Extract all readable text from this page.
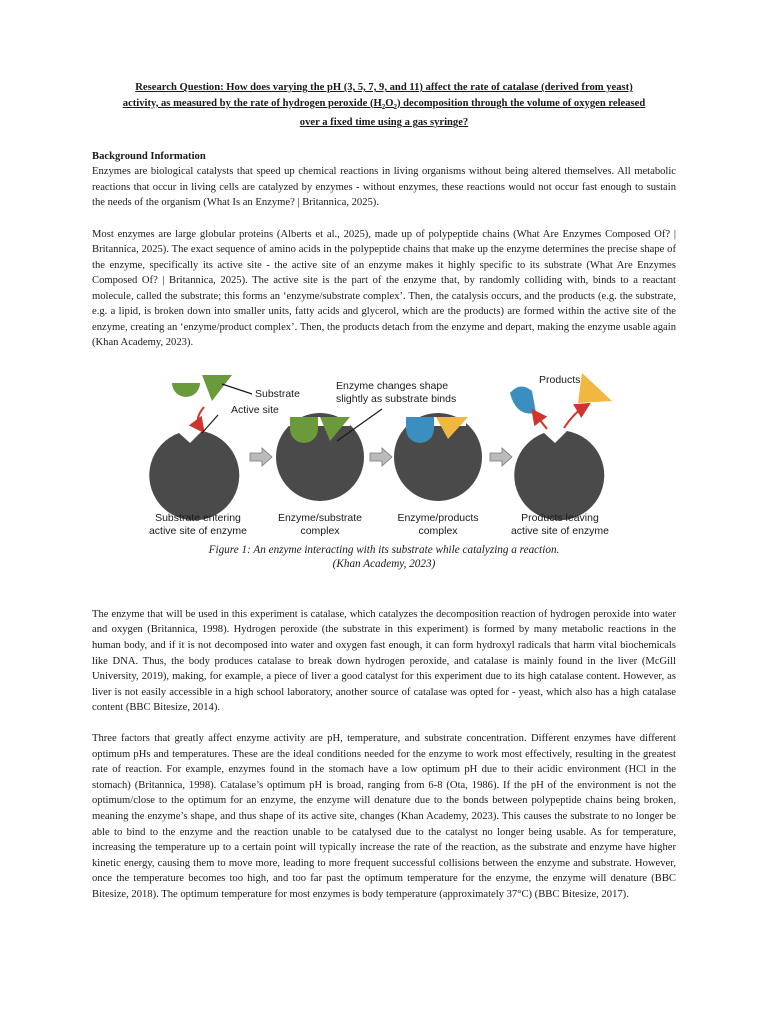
Research Question: How does varying the pH (3, 5, 7, 9, and 11) affect the rate of catalase (derived from yeast)

activity, as measured by the rate of hydrogen peroxide $(H_2O_2)$ decomposition through the volume of oxygen released

over a fixed time using a gas syringe?

Background Information

Enzymes are biological catalysts that speed up chemical reactions in living organisms without being altered themselves. All metabolic reactions that occur in living cells are catalyzed by enzymes - without enzymes, these reactions would not occur fast enough to sustain the needs of the organism (What Is an Enzyme? | Britannica, 2025).

Most enzymes are large globular proteins (Alberts et al., 2025), made up of polypeptide chains (What Are Enzymes Composed Of? | Britannica, 2025). The exact sequence of amino acids in the polypeptide chains that make up the enzyme determines the precise shape of the enzyme, specifically its active site - the active site of an enzyme makes it highly specific to its substrate (What Are Enzymes Composed Of? | Britannica, 2025). The active site is the part of the enzyme that, by randomly colliding with, binds to a reactant molecule, called the substrate; this forms an ‘enzyme/substrate complex’. Then, the catalysis occurs, and the products (e.g. the substrate, e.g. a lipid, is broken down into smaller units, fatty acids and glycerol, which are the products) are formed within the active site of the enzyme, creating an ‘enzyme/product complex’. Then, the products detach from the enzyme and depart, making the enzyme usable again (Khan Academy, 2023).

Substrate
Active site
Enzyme changes shape
slightly as substrate binds
Products
Substrate entering
active site of enzyme
Enzyme/substrate
complex
Enzyme/products
complex
Products leaving
active site of enzyme
Figure 1: An enzyme interacting with its substrate while catalyzing a reaction.
(Khan Academy, 2023)

The enzyme that will be used in this experiment is catalase, which catalyzes the decomposition reaction of hydrogen peroxide into water and oxygen (Britannica, 1998). Hydrogen peroxide (the substrate in this experiment) is formed by many metabolic reactions in the human body, and if it is not decomposed into water and oxygen fast enough, it can form hydroxyl radicals that harm vital biochemicals like DNA. Thus, the body produces catalase to break down hydrogen peroxide, and catalase is mainly found in the liver (McGill University, 2019), making, for example, a piece of liver a good catalyst for this experiment due to its high catalase content. However, as liver is not easily accessible in a high school laboratory, another source of catalase was opted for - yeast, which also has a high catalase content (BBC Bitesize, 2014).

Three factors that greatly affect enzyme activity are pH, temperature, and substrate concentration. Different enzymes have different optimum pHs and temperatures. These are the ideal conditions needed for the enzyme to work most effectively, resulting in the greatest rate of reaction. For example, enzymes found in the stomach have a low optimum pH due to their acidic environment (HCl in the stomach) (Britannica, 1998). Catalase’s optimum pH is broad, ranging from 6-8 (Ota, 1986). If the pH of the environment is not the optimum/close to the optimum for an enzyme, the enzyme will denature due to the bonds between polypeptide chains being broken, meaning the enzyme’s shape, and thus shape of its active site, changes (Khan Academy, 2023). This causes the substrate to no longer be able to bind to the enzyme and the reaction unable to be catalysed due to the catalyst no longer being usable. As for temperature, increasing the temperature up to a certain point will typically increase the rate of the reaction, as the substrate and enzyme have higher kinetic energy, causing them to move more, leading to more frequent successful collisions between the enzyme and substrate. However, once the temperature becomes too high, and too far past the optimum temperature for the enzyme, the enzyme will denature (BBC Bitesize, 2018). The optimum temperature for most enzymes is body temperature (approximately 37°C) (BBC Bitesize, 2017).
